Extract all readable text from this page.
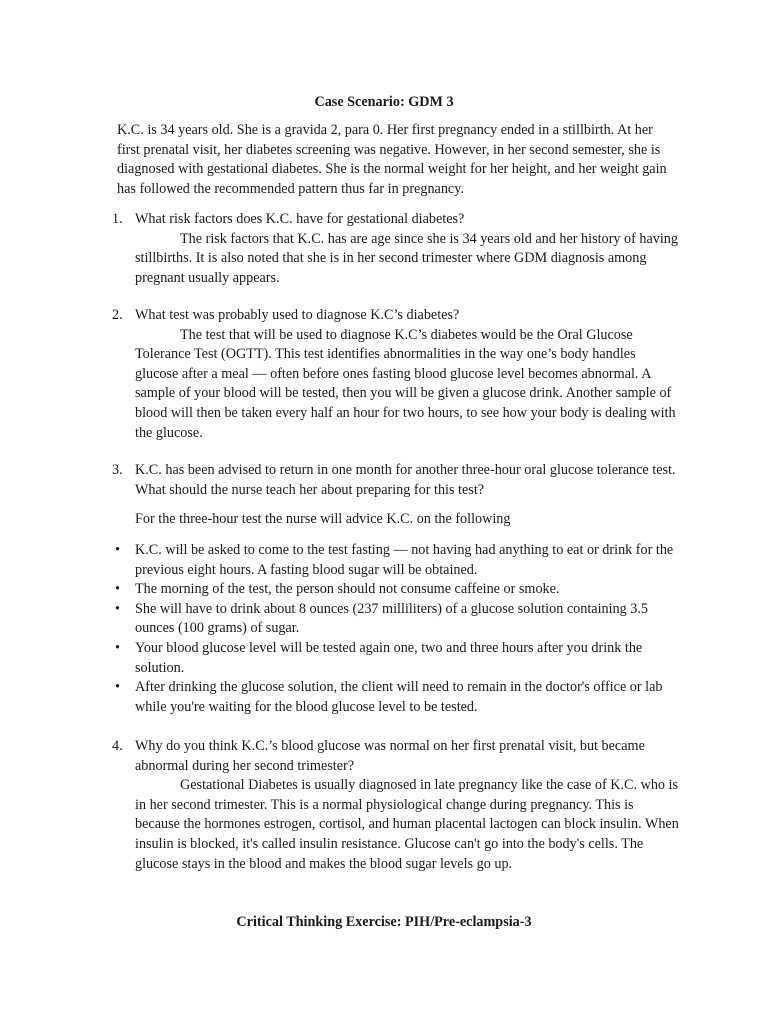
Case Scenario: GDM 3
K.C. is 34 years old. She is a gravida 2, para 0. Her first pregnancy ended in a stillbirth. At her first prenatal visit, her diabetes screening was negative. However, in her second semester, she is diagnosed with gestational diabetes. She is the normal weight for her height, and her weight gain has followed the recommended pattern thus far in pregnancy.
1. What risk factors does K.C. have for gestational diabetes?
The risk factors that K.C. has are age since she is 34 years old and her history of having stillbirths. It is also noted that she is in her second trimester where GDM diagnosis among pregnant usually appears.
2. What test was probably used to diagnose K.C’s diabetes?
The test that will be used to diagnose K.C’s diabetes would be the Oral Glucose Tolerance Test (OGTT). This test identifies abnormalities in the way one’s body handles glucose after a meal — often before ones fasting blood glucose level becomes abnormal. A sample of your blood will be tested, then you will be given a glucose drink. Another sample of blood will then be taken every half an hour for two hours, to see how your body is dealing with the glucose.
3. K.C. has been advised to return in one month for another three-hour oral glucose tolerance test. What should the nurse teach her about preparing for this test?
For the three-hour test the nurse will advice K.C. on the following
• K.C. will be asked to come to the test fasting — not having had anything to eat or drink for the previous eight hours. A fasting blood sugar will be obtained.
• The morning of the test, the person should not consume caffeine or smoke.
• She will have to drink about 8 ounces (237 milliliters) of a glucose solution containing 3.5 ounces (100 grams) of sugar.
• Your blood glucose level will be tested again one, two and three hours after you drink the solution.
• After drinking the glucose solution, the client will need to remain in the doctor's office or lab while you're waiting for the blood glucose level to be tested.
4. Why do you think K.C.’s blood glucose was normal on her first prenatal visit, but became abnormal during her second trimester?
Gestational Diabetes is usually diagnosed in late pregnancy like the case of K.C. who is in her second trimester. This is a normal physiological change during pregnancy. This is because the hormones estrogen, cortisol, and human placental lactogen can block insulin. When insulin is blocked, it's called insulin resistance. Glucose can't go into the body's cells. The glucose stays in the blood and makes the blood sugar levels go up.
Critical Thinking Exercise: PIH/Pre-eclampsia-3
